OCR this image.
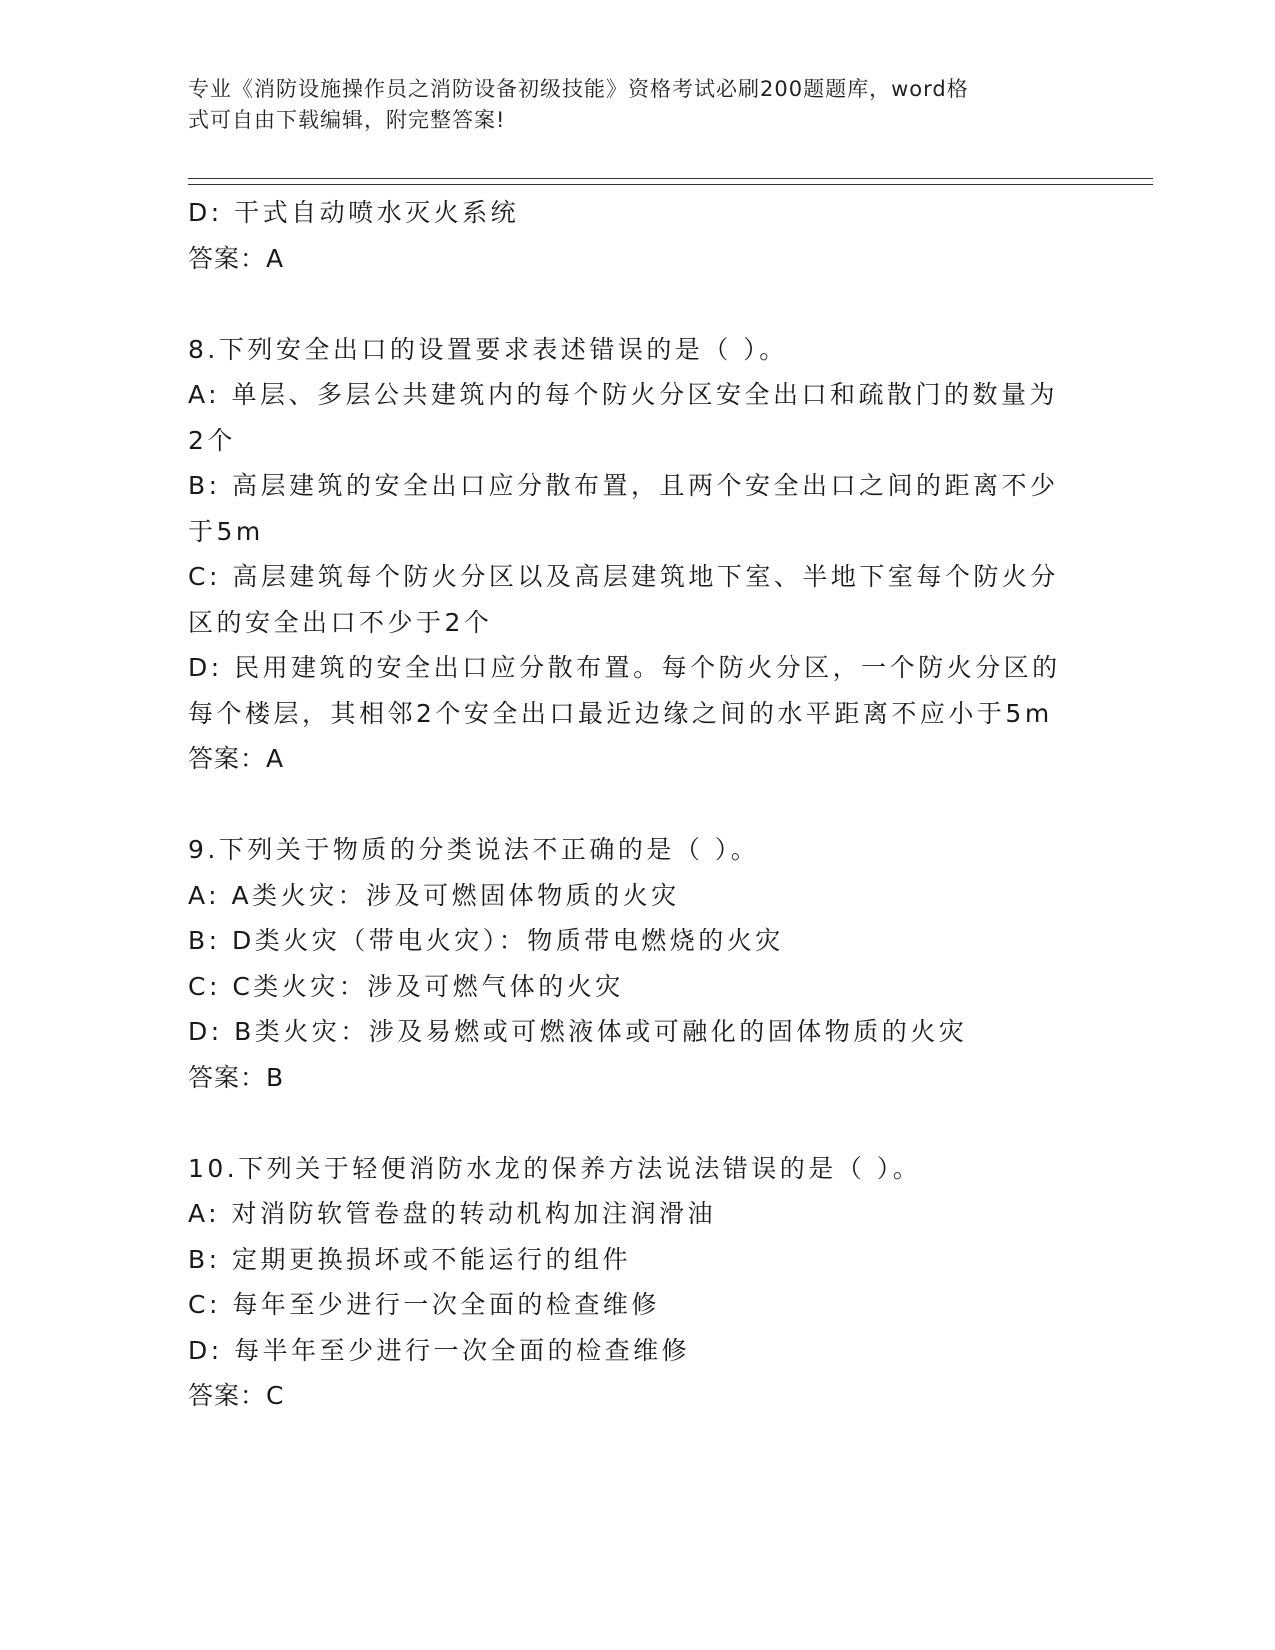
专业《消防设施操作员之消防设备初级技能》资格考试必刷200题题库，word格
式可自由下载编辑，附完整答案!
D: 干式自动喷水灭火系统
答案：A
8.下列安全出口的设置要求表述错误的是（ ）。
A: 单层、多层公共建筑内的每个防火分区安全出口和疏散门的数量为
2个
B: 高层建筑的安全出口应分散布置，且两个安全出口之间的距离不少
于5m
C: 高层建筑每个防火分区以及高层建筑地下室、半地下室每个防火分
区的安全出口不少于2个
D: 民用建筑的安全出口应分散布置。每个防火分区，一个防火分区的
每个楼层，其相邻2个安全出口最近边缘之间的水平距离不应小于5m
答案：A
9.下列关于物质的分类说法不正确的是（ ）。
A: A类火灾：涉及可燃固体物质的火灾
B: D类火灾（带电火灾）：物质带电燃烧的火灾
C: C类火灾：涉及可燃气体的火灾
D: B类火灾：涉及易燃或可燃液体或可融化的固体物质的火灾
答案：B
10.下列关于轻便消防水龙的保养方法说法错误的是（ ）。
A: 对消防软管卷盘的转动机构加注润滑油
B: 定期更换损坏或不能运行的组件
C: 每年至少进行一次全面的检查维修
D: 每半年至少进行一次全面的检查维修
答案：C
